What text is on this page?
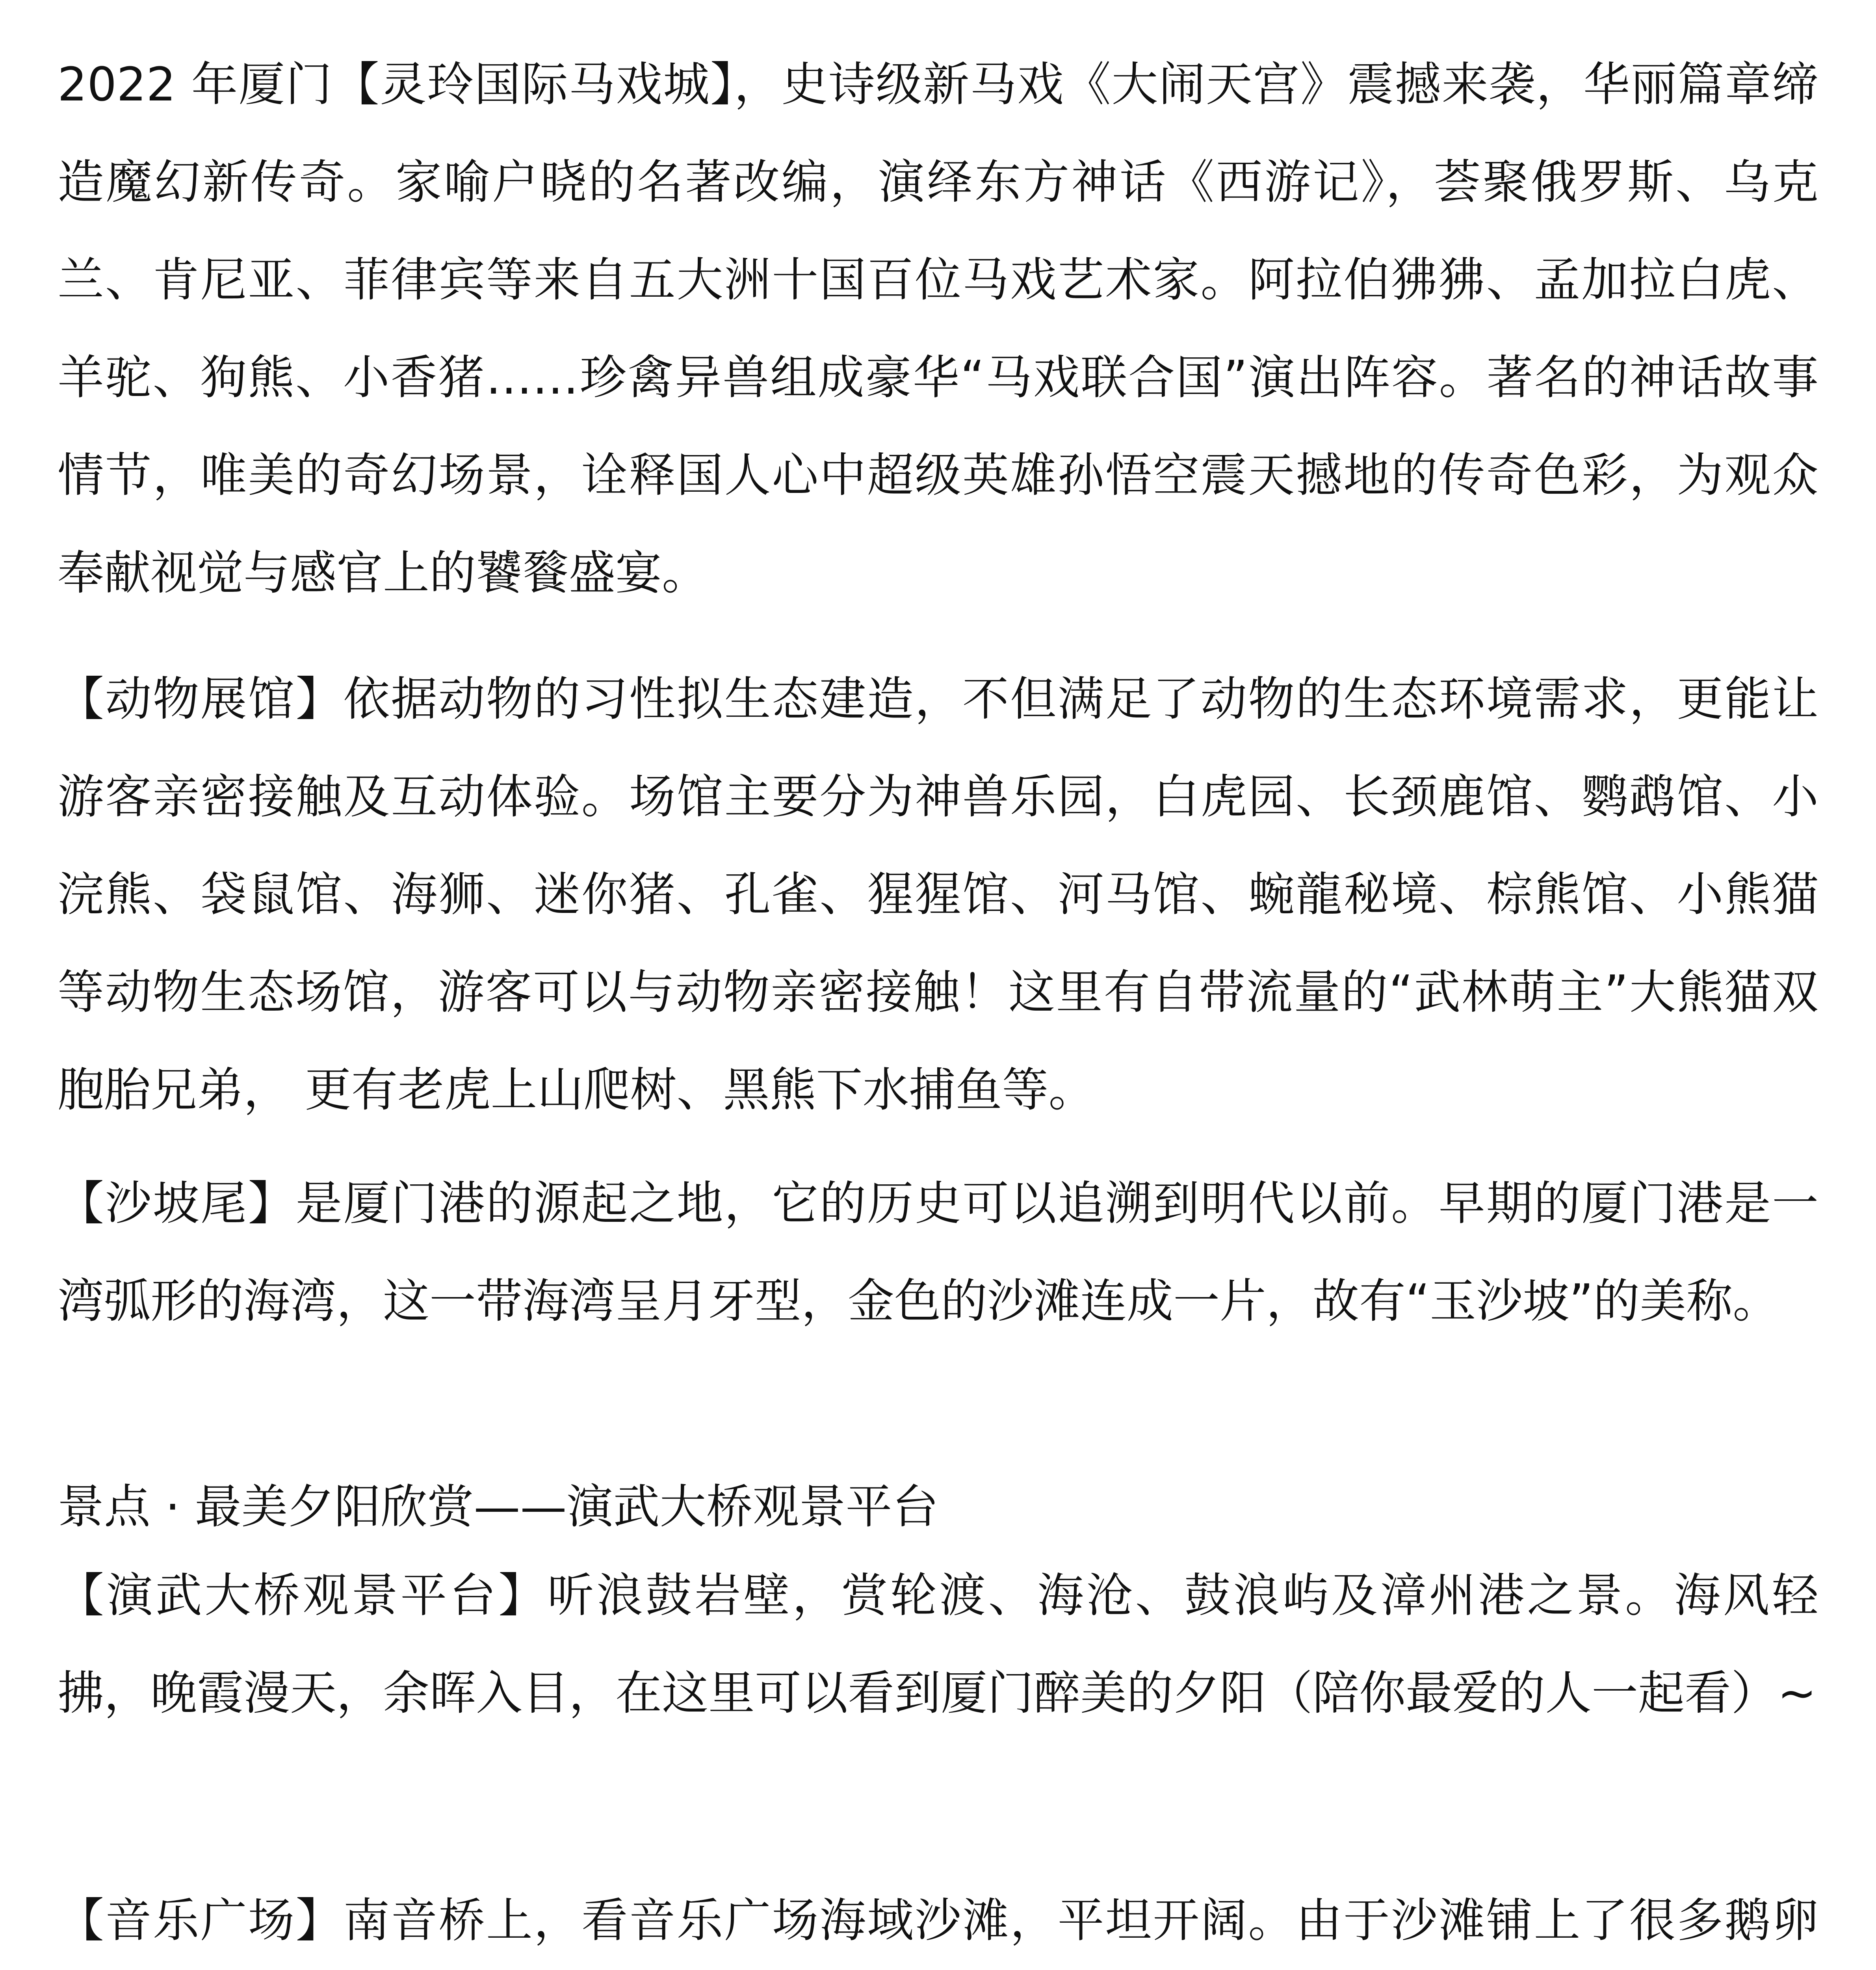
2022 年厦门【灵玲国际马戏城】，史诗级新马戏《大闹天宫》震撼来袭，华丽篇章缔造魔幻新传奇。家喻户晓的名著改编，演绎东方神话《西游记》，荟聚俄罗斯、乌克兰、肯尼亚、菲律宾等来自五大洲十国百位马戏艺术家。阿拉伯狒狒、孟加拉白虎、羊驼、狗熊、小香猪……珍禽异兽组成豪华“马戏联合国”演出阵容。著名的神话故事情节，唯美的奇幻场景，诠释国人心中超级英雄孙悟空震天撼地的传奇色彩，为观众奉献视觉与感官上的饕餮盛宴。

【动物展馆】依据动物的习性拟生态建造，不但满足了动物的生态环境需求，更能让游客亲密接触及互动体验。场馆主要分为神兽乐园，白虎园、长颈鹿馆、鹦鹉馆、小浣熊、袋鼠馆、海狮、迷你猪、孔雀、猩猩馆、河马馆、蜿龍秘境、棕熊馆、小熊猫等动物生态场馆，游客可以与动物亲密接触！这里有自带流量的“武林萌主”大熊猫双胞胎兄弟， 更有老虎上山爬树、黑熊下水捕鱼等。

【沙坡尾】是厦门港的源起之地，它的历史可以追溯到明代以前。早期的厦门港是一湾弧形的海湾，这一带海湾呈月牙型，金色的沙滩连成一片，故有“玉沙坡”的美称。

景点 · 最美夕阳欣赏——演武大桥观景平台

【演武大桥观景平台】听浪鼓岩壁，赏轮渡、海沧、鼓浪屿及漳州港之景。海风轻拂，晚霞漫天，余晖入目，在这里可以看到厦门醉美的夕阳（陪你最爱的人一起看）~

【音乐广场】南音桥上，看音乐广场海域沙滩，平坦开阔。由于沙滩铺上了很多鹅卵
